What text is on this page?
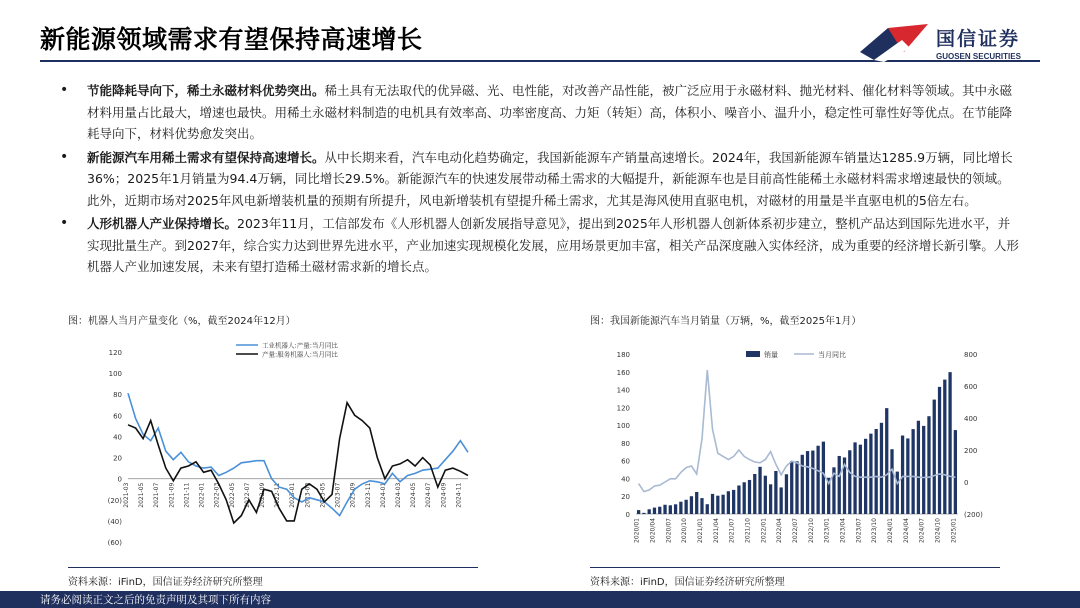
新能源领域需求有望保持高速增长	国信证券
GUOSEN SECURITIES
• 节能降耗导向下，稀土永磁材料优势突出。稀土具有无法取代的优异磁、光、电性能，对改善产品性能，被广泛应用于永磁材料、抛光材料、催化材料等领域。其中永磁材料用量占比最大，增速也最快。用稀土永磁材料制造的电机具有效率高、功率密度高、力矩（转矩）高，体积小、噪音小、温升小，稳定性可靠性好等优点。在节能降耗导向下，材料优势愈发突出。
• 新能源汽车用稀土需求有望保持高速增长。从中长期来看，汽车电动化趋势确定，我国新能源车产销量高速增长。2024年，我国新能源车销量达1285.9万辆，同比增长36%；2025年1月销量为94.4万辆，同比增长29.5%。新能源汽车的快速发展带动稀土需求的大幅提升，新能源车也是目前高性能稀土永磁材料需求增速最快的领域。此外，近期市场对2025年风电新增装机量的预期有所提升，风电新增装机有望提升稀土需求，尤其是海风使用直驱电机，对磁材的用量是半直驱电机的5倍左右。
• 人形机器人产业保持增长。2023年11月，工信部发布《人形机器人创新发展指导意见》，提出到2025年人形机器人创新体系初步建立，整机产品达到国际先进水平，并实现批量生产。到2027年，综合实力达到世界先进水平，产业加速实现规模化发展，应用场景更加丰富，相关产品深度融入实体经济，成为重要的经济增长新引擎。人形机器人产业加速发展，未来有望打造稀土磁材需求新的增长点。
图：机器人当月产量变化（%，截至2024年12月）	图：我国新能源汽车当月销量（万辆，%，截至2025年1月）
120
100
80
60
40
20
0
(20)
(40)
(60)
2021-03 2021-05 2021-07 2021-09 2021-11 2022-01 2022-03 2022-05 2022-07 2022-09 2022-11 2023-01 2023-03 2023-05 2023-07 2023-09 2023-11 2024-01 2024-03 2024-05 2024-07 2024-09 2024-11
工业机器人:产量:当月同比
产量:服务机器人:当月同比	180
160
140
120
100
80
60
40
20
0
800
600
400
200
0
(200)
2020/01 2020/04 2020/07 2020/10 2021/01 2021/04 2021/07 2021/10 2022/01 2022/04 2022/07 2022/10 2023/01 2023/04 2023/07 2023/10 2024/01 2024/04 2024/07 2024/10 2025/01
销量	当月同比
资料来源：iFinD，国信证券经济研究所整理	资料来源：iFinD，国信证券经济研究所整理
请务必阅读正文之后的免责声明及其项下所有内容
